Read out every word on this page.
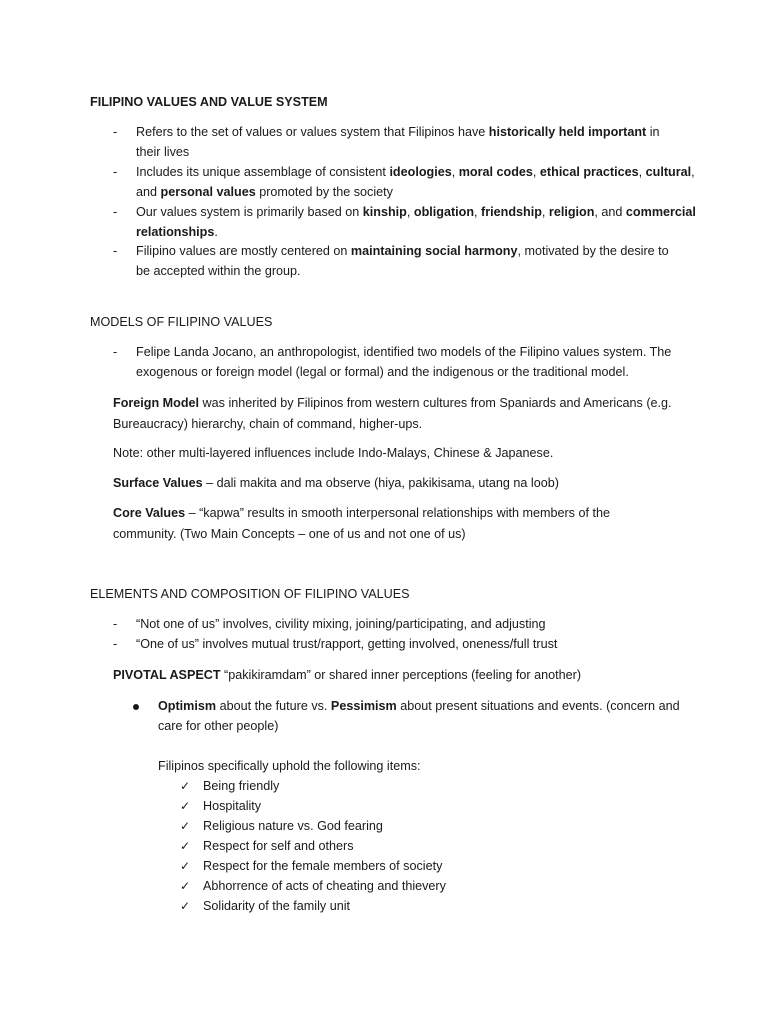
FILIPINO VALUES AND VALUE SYSTEM
- Refers to the set of values or values system that Filipinos have historically held important in
their lives
- Includes its unique assemblage of consistent ideologies, moral codes, ethical practices, cultural,
and personal values promoted by the society
- Our values system is primarily based on kinship, obligation, friendship, religion, and commercial
relationships.
- Filipino values are mostly centered on maintaining social harmony, motivated by the desire to
be accepted within the group.
MODELS OF FILIPINO VALUES
- Felipe Landa Jocano, an anthropologist, identified two models of the Filipino values system. The
exogenous or foreign model (legal or formal) and the indigenous or the traditional model.
Foreign Model was inherited by Filipinos from western cultures from Spaniards and Americans (e.g.
Bureaucracy) hierarchy, chain of command, higher-ups.
Note: other multi-layered influences include Indo-Malays, Chinese & Japanese.
Surface Values – dali makita and ma observe (hiya, pakikisama, utang na loob)
Core Values – “kapwa” results in smooth interpersonal relationships with members of the
community. (Two Main Concepts – one of us and not one of us)
ELEMENTS AND COMPOSITION OF FILIPINO VALUES
- “Not one of us” involves, civility mixing, joining/participating, and adjusting
- “One of us” involves mutual trust/rapport, getting involved, oneness/full trust
PIVOTAL ASPECT “pakikiramdam” or shared inner perceptions (feeling for another)
Optimism about the future vs. Pessimism about present situations and events. (concern and
care for other people)
Filipinos specifically uphold the following items:
✓ Being friendly
✓ Hospitality
✓ Religious nature vs. God fearing
✓ Respect for self and others
✓ Respect for the female members of society
✓ Abhorrence of acts of cheating and thievery
✓ Solidarity of the family unit
